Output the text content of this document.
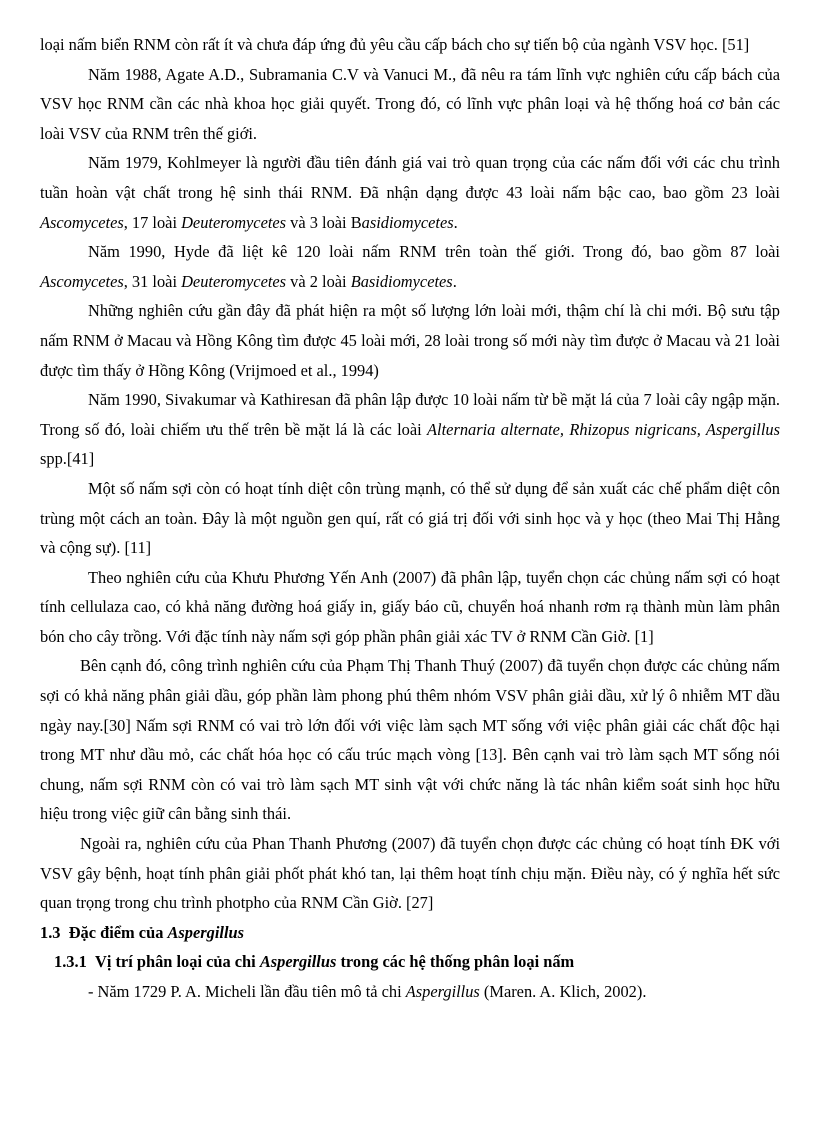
loại nấm biển RNM còn rất ít và chưa đáp ứng đủ yêu cầu cấp bách cho sự tiến bộ của ngành VSV học. [51]

Năm 1988, Agate A.D., Subramania C.V và Vanuci M., đã nêu ra tám lĩnh vực nghiên cứu cấp bách của VSV học RNM cần các nhà khoa học giải quyết. Trong đó, có lĩnh vực phân loại và hệ thống hoá cơ bản các loài VSV của RNM trên thế giới.

Năm 1979, Kohlmeyer là người đầu tiên đánh giá vai trò quan trọng của các nấm đối với các chu trình tuần hoàn vật chất trong hệ sinh thái RNM. Đã nhận dạng được 43 loài nấm bậc cao, bao gồm 23 loài Ascomycetes, 17 loài Deuteromycetes và 3 loài Basidiomycetes.

Năm 1990, Hyde đã liệt kê 120 loài nấm RNM trên toàn thế giới. Trong đó, bao gồm 87 loài Ascomycetes, 31 loài Deuteromycetes và 2 loài Basidiomycetes.

Những nghiên cứu gần đây đã phát hiện ra một số lượng lớn loài mới, thậm chí là chi mới. Bộ sưu tập nấm RNM ở Macau và Hồng Kông tìm được 45 loài mới, 28 loài trong số mới này tìm được ở Macau và 21 loài được tìm thấy ở Hồng Kông (Vrijmoed et al., 1994)

Năm 1990, Sivakumar và Kathiresan đã phân lập được 10 loài nấm từ bề mặt lá của 7 loài cây ngập mặn. Trong số đó, loài chiếm ưu thế trên bề mặt lá là các loài Alternaria alternate, Rhizopus nigricans, Aspergillus spp.[41]

Một số nấm sợi còn có hoạt tính diệt côn trùng mạnh, có thể sử dụng để sản xuất các chế phẩm diệt côn trùng một cách an toàn. Đây là một nguồn gen quí, rất có giá trị đối với sinh học và y học (theo Mai Thị Hằng và cộng sự). [11]

Theo nghiên cứu của Khưu Phương Yến Anh (2007) đã phân lập, tuyển chọn các chủng nấm sợi có hoạt tính cellulaza cao, có khả năng đường hoá giấy in, giấy báo cũ, chuyển hoá nhanh rơm rạ thành mùn làm phân bón cho cây trồng. Với đặc tính này nấm sợi góp phần phân giải xác TV ở RNM Cần Giờ. [1]

Bên cạnh đó, công trình nghiên cứu của Phạm Thị Thanh Thuý (2007) đã tuyển chọn được các chủng nấm sợi có khả năng phân giải dầu, góp phần làm phong phú thêm nhóm VSV phân giải dầu, xử lý ô nhiễm MT dầu ngày nay.[30] Nấm sợi RNM có vai trò lớn đối với việc làm sạch MT sống với việc phân giải các chất độc hại trong MT như dầu mỏ, các chất hóa học có cấu trúc mạch vòng [13]. Bên cạnh vai trò làm sạch MT sống nói chung, nấm sợi RNM còn có vai trò làm sạch MT sinh vật với chức năng là tác nhân kiểm soát sinh học hữu hiệu trong việc giữ cân bằng sinh thái.

Ngoài ra, nghiên cứu của Phan Thanh Phương (2007) đã tuyển chọn được các chủng có hoạt tính ĐK với VSV gây bệnh, hoạt tính phân giải phốt phát khó tan, lại thêm hoạt tính chịu mặn. Điều này, có ý nghĩa hết sức quan trọng trong chu trình photpho của RNM Cần Giờ. [27]

1.3 Đặc điểm của Aspergillus
1.3.1 Vị trí phân loại của chi Aspergillus trong các hệ thống phân loại nấm
- Năm 1729 P. A. Micheli lần đầu tiên mô tả chi Aspergillus (Maren. A. Klich, 2002).
